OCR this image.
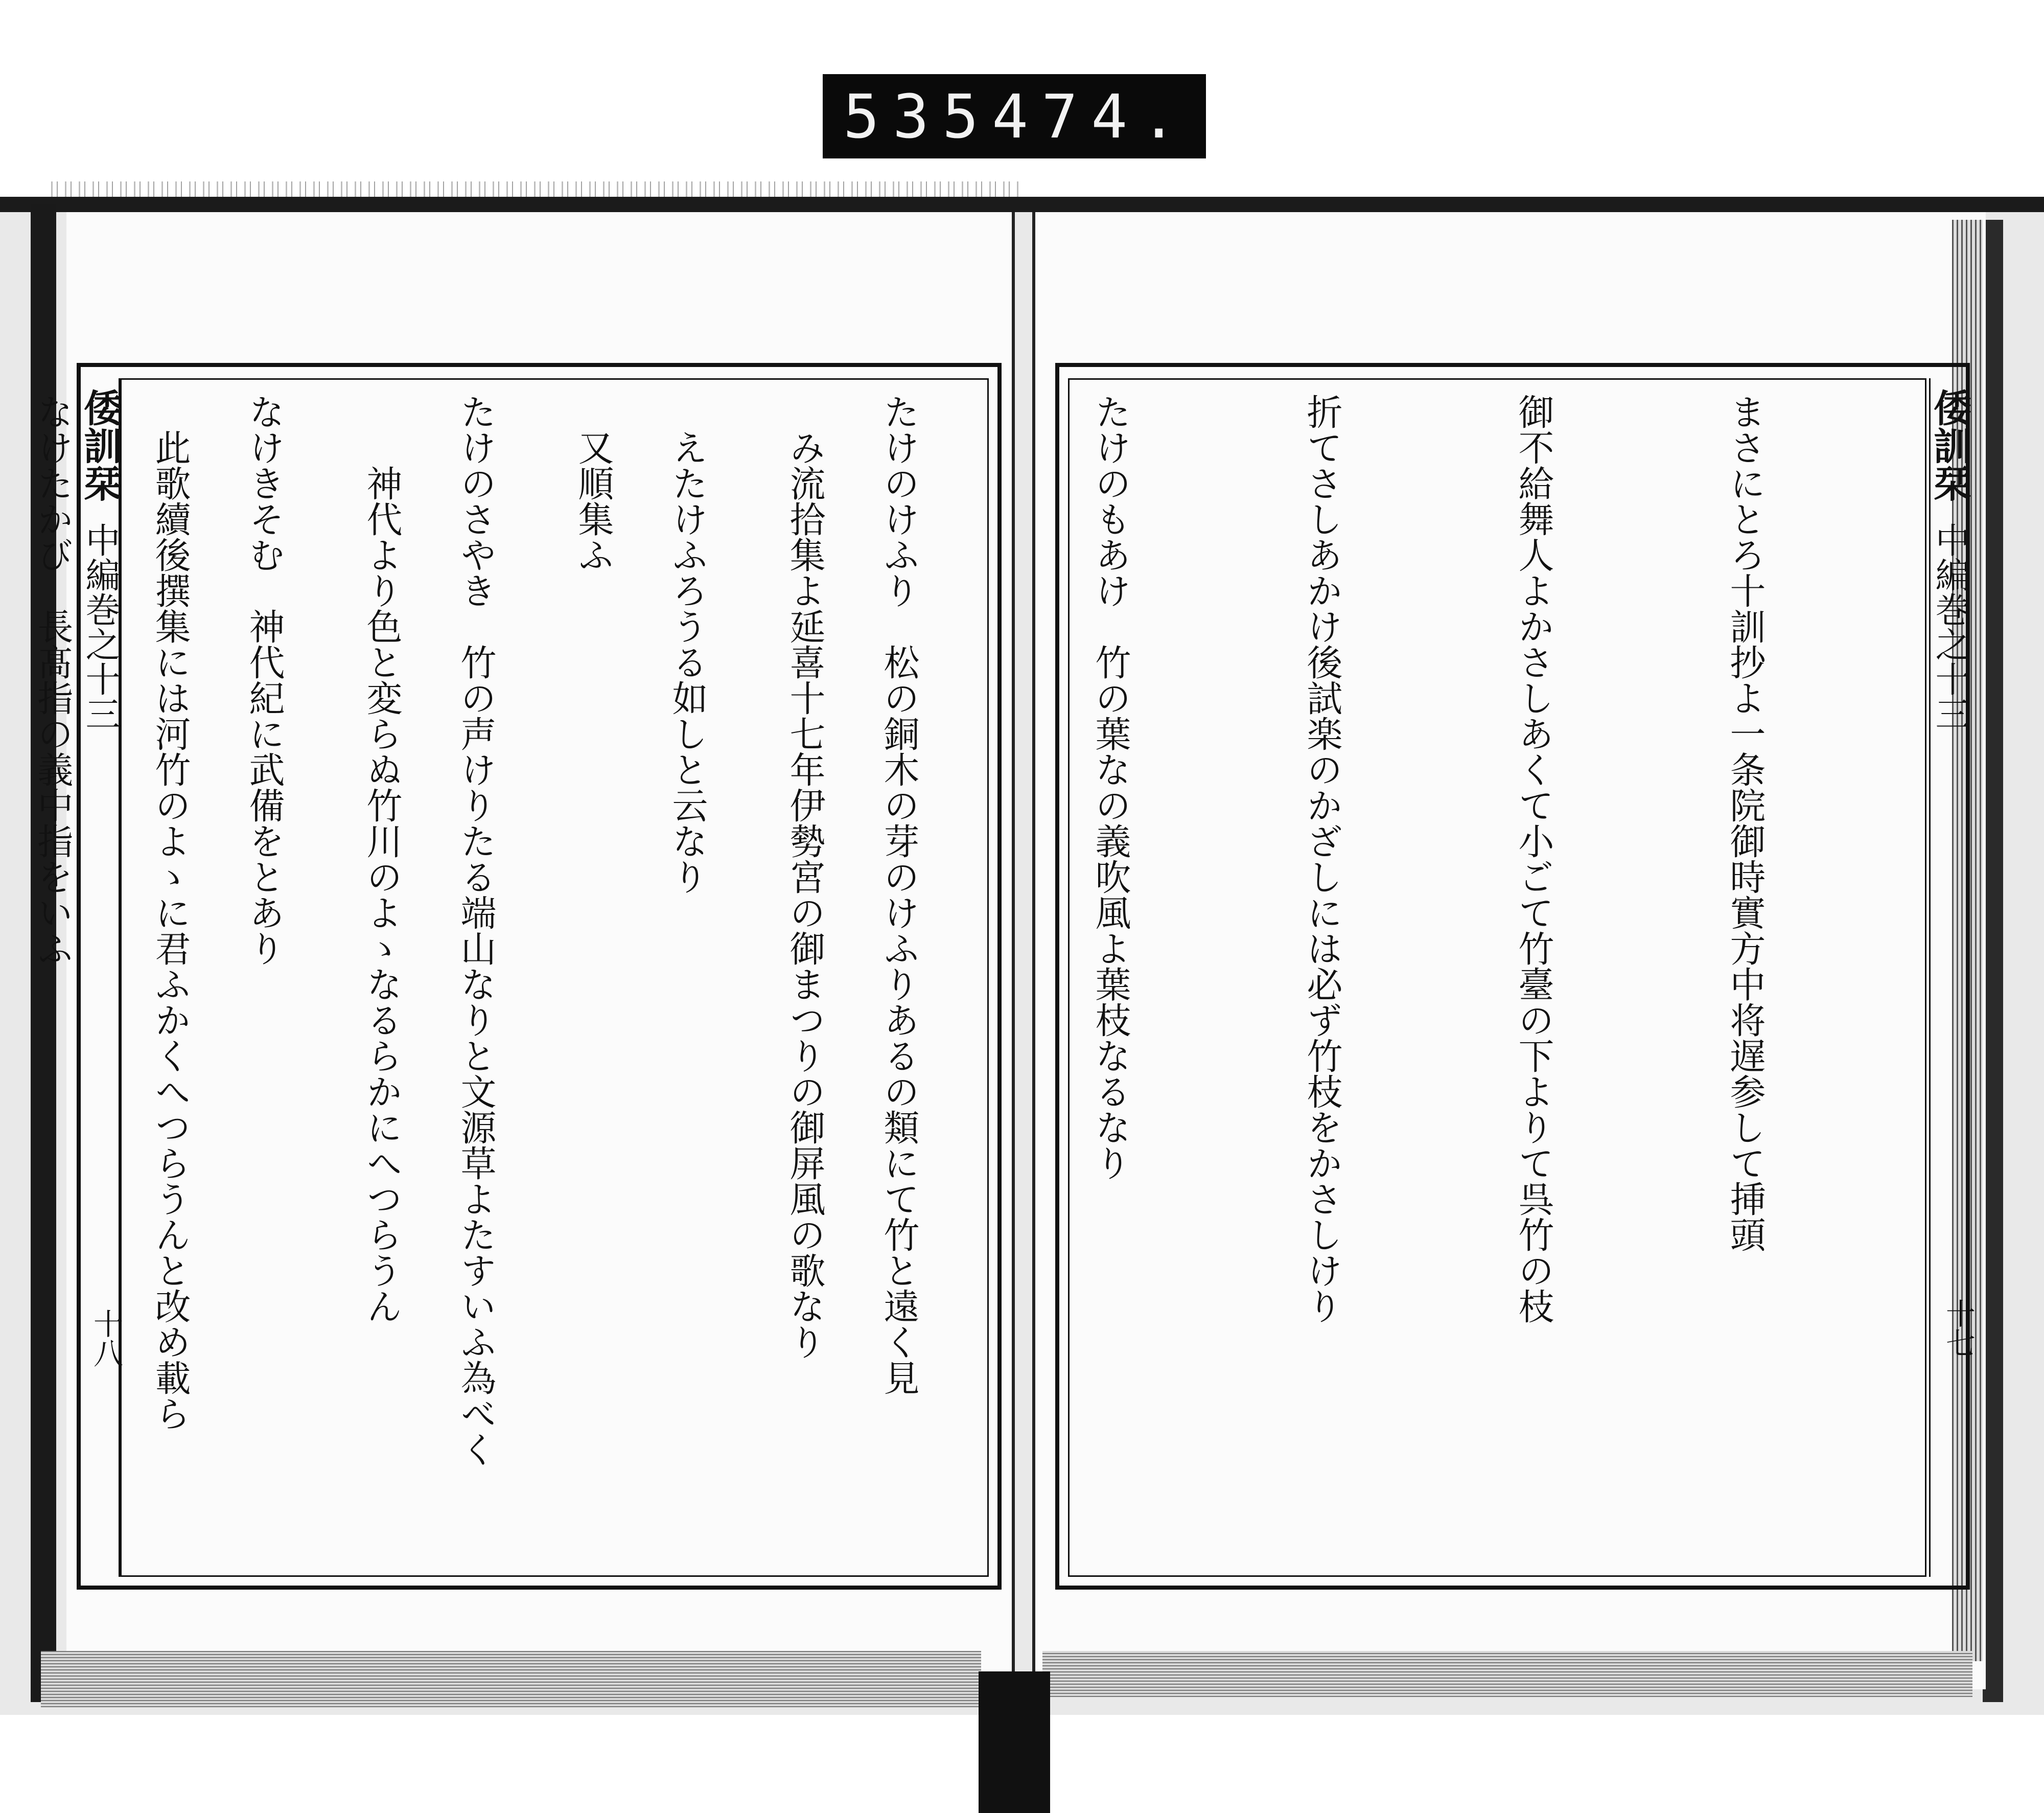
535 474.
倭訓栞
中編巻之十三
十八
倭訓栞
中編巻之十三
十七

まさにとろ十訓抄よ一条院御時實方中将遅参して挿頭

御不給舞人よかさしあくて小ごて竹臺の下よりて呉竹の枝

折てさしあかけ後試楽のかざしには必ず竹枝をかさしけり

たけのもあけ　竹の葉なの義吹風よ葉枝なるなり

たけのけふり　松の銅木の芽のけふりあるの類にて竹と遠く見

　えたけふろうる如しと云なり

たけのさやき　竹の声けりたる端山なりと文源草よたすいふ為べく

なけきそむ　神代紀に武備をとあり

なけたかび　長髙指の義中指をいふ

	　み流拾集よ延喜十七年伊勢宮の御まつりの御屏風の歌なり

　又順集ふ

　　神代より色と変らぬ竹川のよゝなるらかにへつらうん

　此歌續後撰集には河竹のよゝに君ふかくへつらうんと改め載ら
